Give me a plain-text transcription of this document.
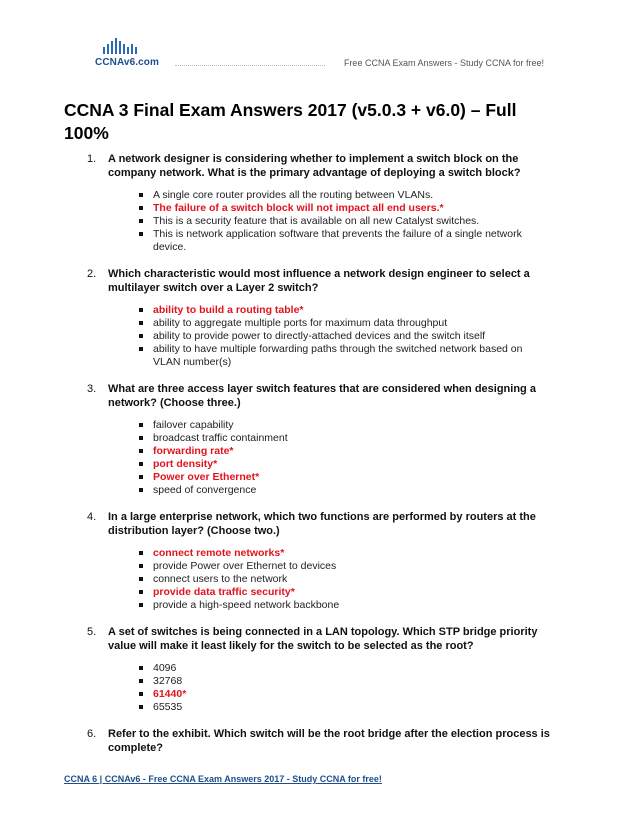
CCNAv6.com	Free CCNA Exam Answers - Study CCNA for free!
CCNA 3 Final Exam Answers 2017 (v5.0.3 + v6.0) – Full 100%
1.	A network designer is considering whether to implement a switch block on the company network. What is the primary advantage of deploying a switch block?
A single core router provides all the routing between VLANs.
The failure of a switch block will not impact all end users.*
This is a security feature that is available on all new Catalyst switches.
This is network application software that prevents the failure of a single network device.
2.	Which characteristic would most influence a network design engineer to select a multilayer switch over a Layer 2 switch?
ability to build a routing table*
ability to aggregate multiple ports for maximum data throughput
ability to provide power to directly-attached devices and the switch itself
ability to have multiple forwarding paths through the switched network based on VLAN number(s)
3.	What are three access layer switch features that are considered when designing a network? (Choose three.)
failover capability
broadcast traffic containment
forwarding rate*
port density*
Power over Ethernet*
speed of convergence
4.	In a large enterprise network, which two functions are performed by routers at the distribution layer? (Choose two.)
connect remote networks*
provide Power over Ethernet to devices
connect users to the network
provide data traffic security*
provide a high-speed network backbone
5.	A set of switches is being connected in a LAN topology. Which STP bridge priority value will make it least likely for the switch to be selected as the root?
4096
32768
61440*
65535
6.	Refer to the exhibit. Which switch will be the root bridge after the election process is complete?
CCNA 6 | CCNAv6 - Free CCNA Exam Answers 2017 - Study CCNA for free!
